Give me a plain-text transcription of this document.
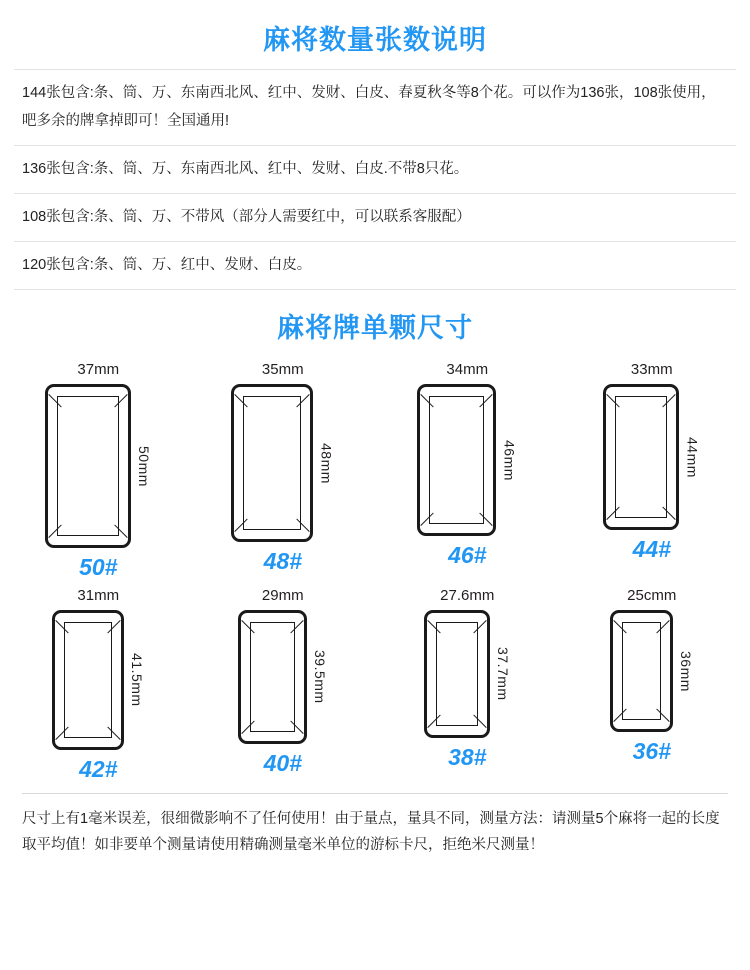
麻将数量张数说明
144张包含:条、筒、万、东南西北风、红中、发财、白皮、春夏秋冬等8个花。可以作为136张，108张使用，吧多余的牌拿掉即可！全国通用!
136张包含:条、筒、万、东南西北风、红中、发财、白皮.不带8只花。
108张包含:条、筒、万、不带风（部分人需要红中，可以联系客服配）
120张包含:条、筒、万、红中、发财、白皮。
麻将牌单颗尺寸
37mm
50mm
50#
35mm
48mm
48#
34mm
46mm
46#
33mm
44mm
44#
31mm
41.5mm
42#
29mm
39.5mm
40#
27.6mm
37.7mm
38#
25cmm
36mm
36#
尺寸上有1毫米误差，很细微影响不了任何使用！由于量点，量具不同，测量方法：请测量5个麻将一起的长度取平均值！如非要单个测量请使用精确测量毫米单位的游标卡尺，拒绝米尺测量！
